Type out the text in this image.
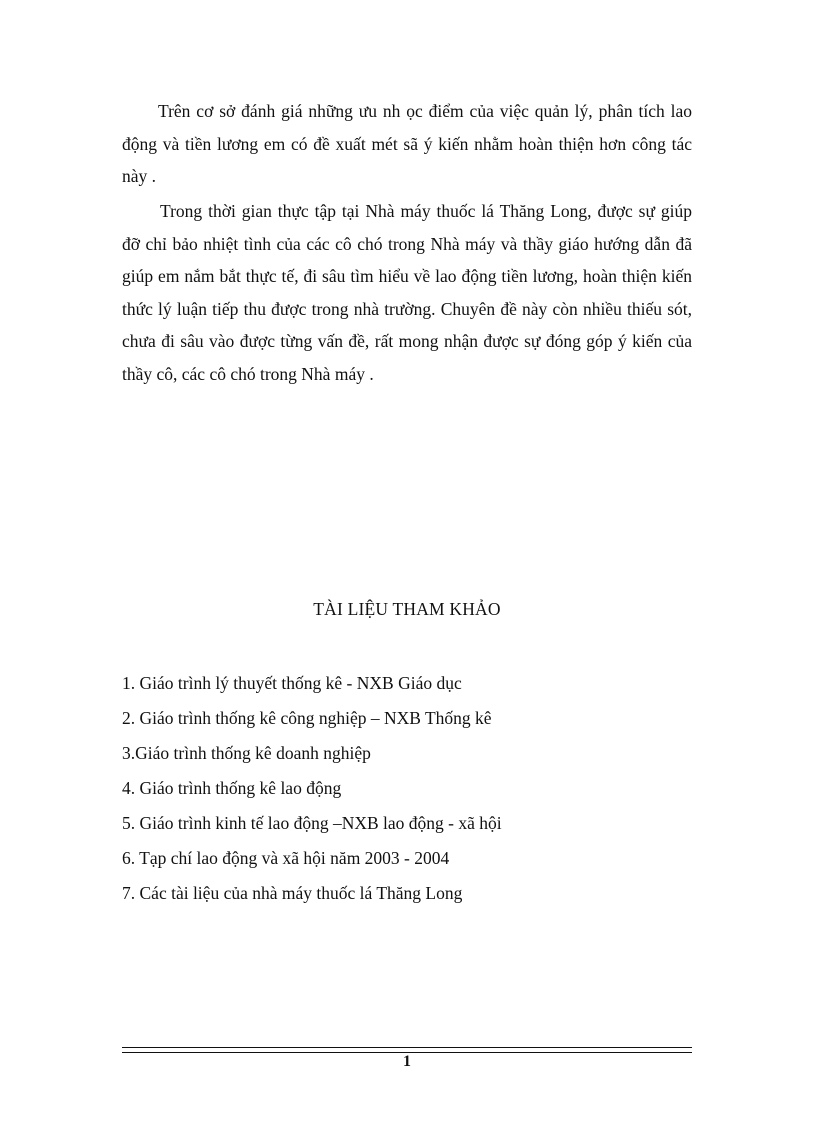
Trên cơ sở đánh giá những ưu nh ọc điểm của việc quản lý, phân tích lao động và tiền lương em có đề xuất mét sã ý kiến nhằm hoàn thiện hơn công tác này .

Trong thời gian thực tập tại Nhà máy thuốc lá Thăng Long, được sự giúp đỡ chỉ bảo nhiệt tình của các cô chó trong Nhà máy và thầy giáo hướng dẫn đã giúp em nắm bắt thực tế, đi sâu tìm hiểu về lao động tiền lương, hoàn thiện kiến thức lý luận tiếp thu được trong nhà trường. Chuyên đề này còn nhiều thiếu sót, chưa đi sâu vào được từng vấn đề, rất mong nhận được sự đóng góp ý kiến của thầy cô, các cô chó trong Nhà máy .

TÀI LIỆU THAM KHẢO
1. Giáo trình lý thuyết thống kê - NXB Giáo dục
2. Giáo trình thống kê công nghiệp – NXB Thống kê
3.Giáo trình thống kê doanh nghiệp
4. Giáo trình thống kê lao động
5. Giáo trình kinh tế lao động –NXB lao động - xã hội
6. Tạp chí lao động và xã hội năm 2003 - 2004
7. Các tài liệu của nhà máy thuốc lá Thăng Long
1
